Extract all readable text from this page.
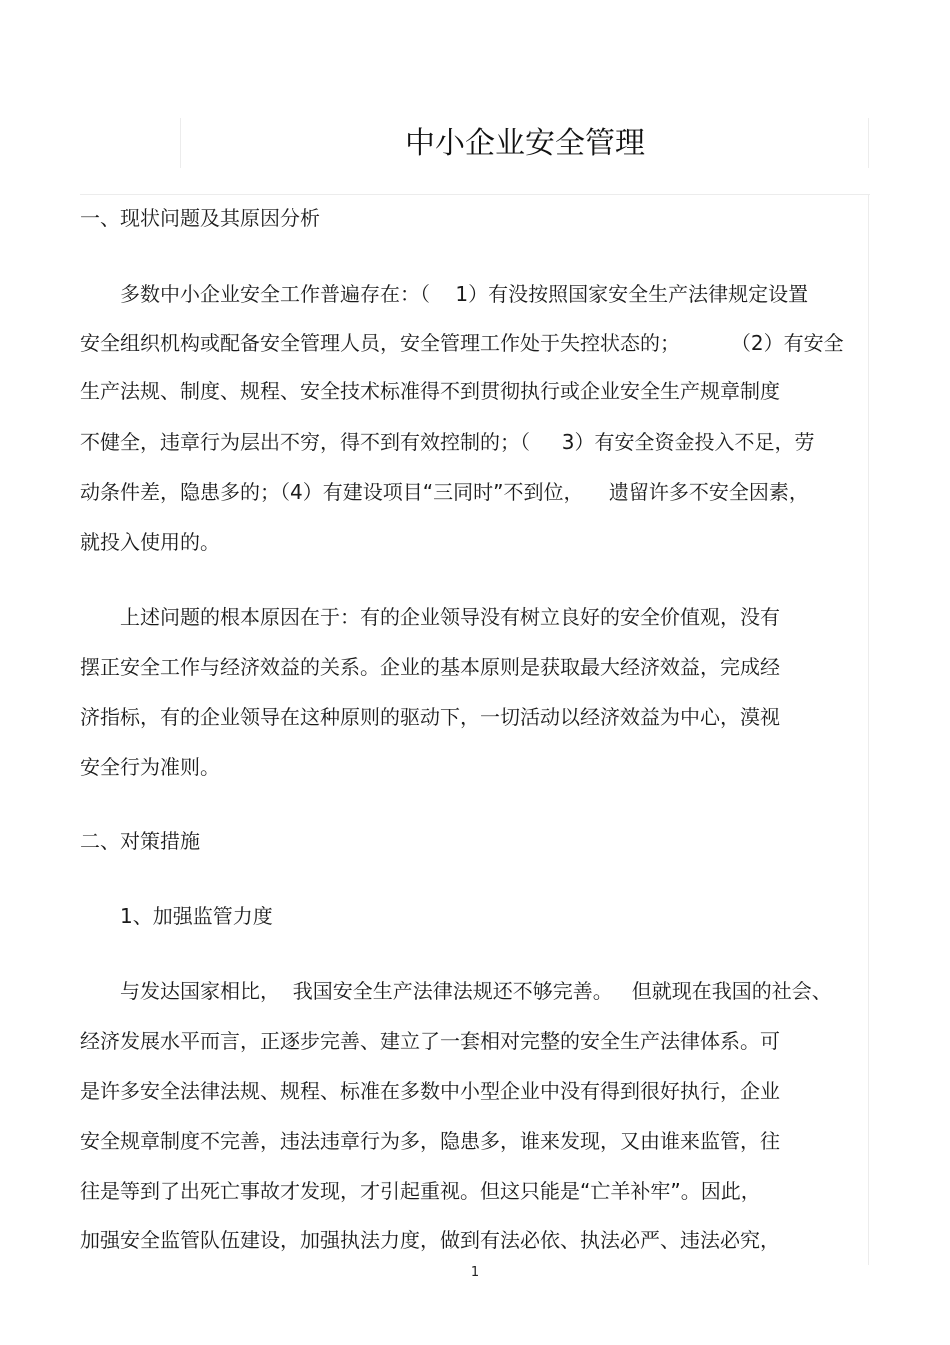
中小企业安全管理
一、现状问题及其原因分析
多数中小企业安全工作普遍存在：（    1）有没按照国家安全生产法律规定设置
安全组织机构或配备安全管理人员，安全管理工作处于失控状态的；        （2）有安全
生产法规、制度、规程、安全技术标准得不到贯彻执行或企业安全生产规章制度
不健全，违章行为层出不穷，得不到有效控制的；（     3）有安全资金投入不足，劳
动条件差，隐患多的；（4）有建设项目“三同时”不到位，    遗留许多不安全因素，
就投入使用的。
上述问题的根本原因在于：有的企业领导没有树立良好的安全价值观，没有
摆正安全工作与经济效益的关系。企业的基本原则是获取最大经济效益，完成经
济指标，有的企业领导在这种原则的驱动下，一切活动以经济效益为中心，漠视
安全行为准则。
二、对策措施
1、加强监管力度
与发达国家相比，  我国安全生产法律法规还不够完善。   但就现在我国的社会、
经济发展水平而言，正逐步完善、建立了一套相对完整的安全生产法律体系。可
是许多安全法律法规、规程、标准在多数中小型企业中没有得到很好执行，企业
安全规章制度不完善，违法违章行为多，隐患多，谁来发现，又由谁来监管，往
往是等到了出死亡事故才发现，才引起重视。但这只能是“亡羊补牢”。因此，
加强安全监管队伍建设，加强执法力度，做到有法必依、执法必严、违法必究，
1
